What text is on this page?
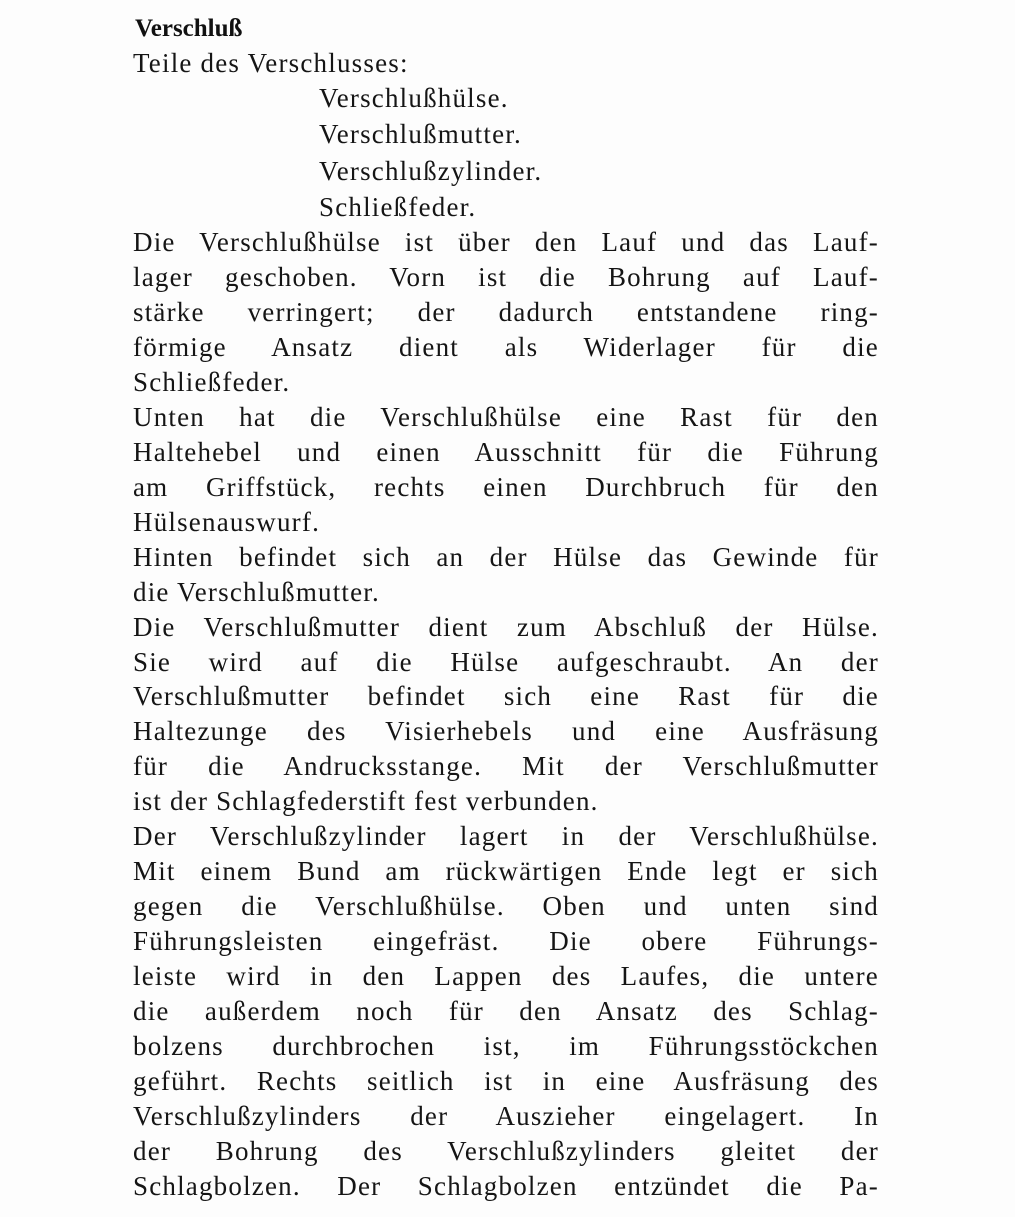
Verschluß
Teile des Verschlusses:
Verschlußhülse.
Verschlußmutter.
Verschlußzylinder.
Schließfeder.
Die Verschlußhülse ist über den Lauf und das Lauf-
lager geschoben. Vorn ist die Bohrung auf Lauf-
stärke verringert; der dadurch entstandene ring-
förmige Ansatz dient als Widerlager für die
Schließfeder.
Unten hat die Verschlußhülse eine Rast für den
Haltehebel und einen Ausschnitt für die Führung
am Griffstück, rechts einen Durchbruch für den
Hülsenauswurf.
Hinten befindet sich an der Hülse das Gewinde für
die Verschlußmutter.
Die Verschlußmutter dient zum Abschluß der Hülse.
Sie wird auf die Hülse aufgeschraubt. An der
Verschlußmutter befindet sich eine Rast für die
Haltezunge des Visierhebels und eine Ausfräsung
für die Andrucksstange. Mit der Verschlußmutter
ist der Schlagfederstift fest verbunden.
Der Verschlußzylinder lagert in der Verschlußhülse.
Mit einem Bund am rückwärtigen Ende legt er sich
gegen die Verschlußhülse. Oben und unten sind
Führungsleisten eingefräst. Die obere Führungs-
leiste wird in den Lappen des Laufes, die untere
die außerdem noch für den Ansatz des Schlag-
bolzens durchbrochen ist, im Führungsstöckchen
geführt. Rechts seitlich ist in eine Ausfräsung des
Verschlußzylinders der Auszieher eingelagert. In
der Bohrung des Verschlußzylinders gleitet der
Schlagbolzen. Der Schlagbolzen entzündet die Pa-
